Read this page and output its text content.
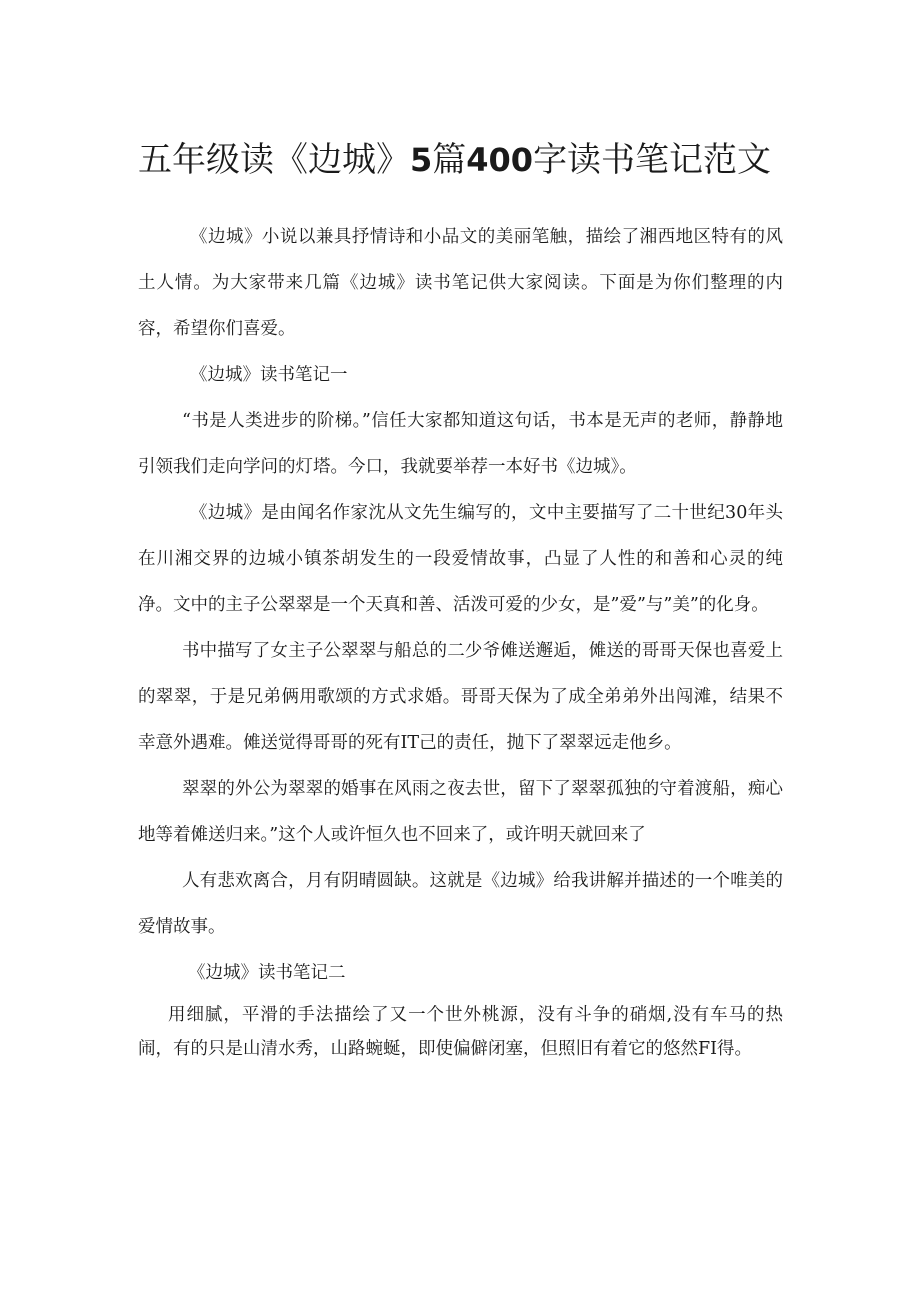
五年级读《边城》5篇400字读书笔记范文

《边城》小说以兼具抒情诗和小品文的美丽笔触，描绘了湘西地区特有的风土人情。为大家带来几篇《边城》读书笔记供大家阅读。下面是为你们整理的内容，希望你们喜爱。

《边城》读书笔记一

“书是人类进步的阶梯。”信任大家都知道这句话，书本是无声的老师，静静地引领我们走向学问的灯塔。今口，我就要举荐一本好书《边城》。

《边城》是由闻名作家沈从文先生编写的，文中主要描写了二十世纪30年头在川湘交界的边城小镇茶胡发生的一段爱情故事，凸显了人性的和善和心灵的纯净。文中的主子公翠翠是一个天真和善、活泼可爱的少女，是”爱”与”美”的化身。

书中描写了女主子公翠翠与船总的二少爷傩送邂逅，傩送的哥哥天保也喜爱上的翠翠，于是兄弟俩用歌颂的方式求婚。哥哥天保为了成全弟弟外出闯滩，结果不幸意外遇难。傩送觉得哥哥的死有IT己的责任，抛下了翠翠远走他乡。

翠翠的外公为翠翠的婚事在风雨之夜去世，留下了翠翠孤独的守着渡船，痴心地等着傩送归来。”这个人或许恒久也不回来了，或许明天就回来了

人有悲欢离合，月有阴晴圆缺。这就是《边城》给我讲解并描述的一个唯美的爱情故事。

《边城》读书笔记二

用细腻，平滑的手法描绘了又一个世外桃源，没有斗争的硝烟,没有车马的热闹，有的只是山清水秀，山路蜿蜒，即使偏僻闭塞，但照旧有着它的悠然FI得。
